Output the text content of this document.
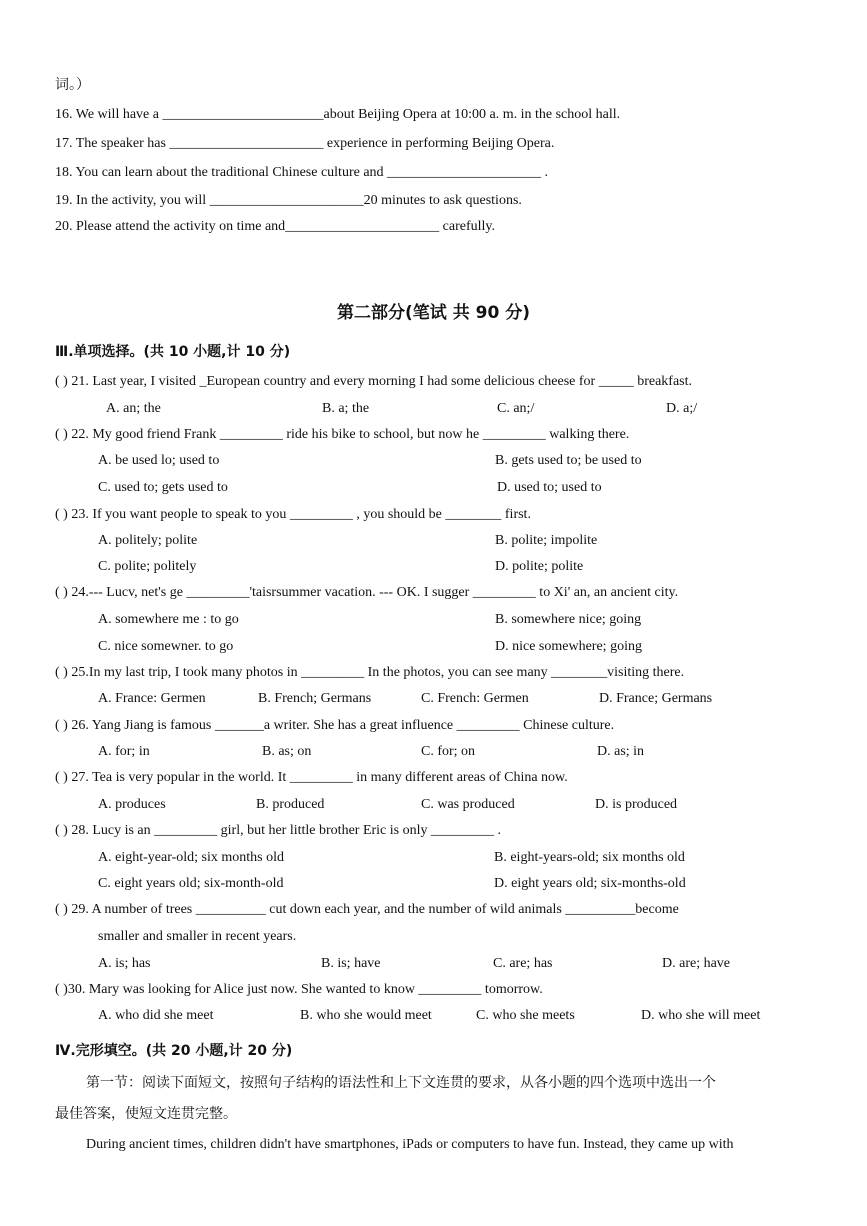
词。）
16. We will have a _______________________about Beijing Opera at 10:00 a. m. in the school hall.
17. The speaker has ______________________ experience in performing Beijing Opera.
18. You can learn about the traditional Chinese culture and ______________________ .
19. In the activity, you will ______________________20 minutes to ask questions.
20. Please attend the activity on time and______________________ carefully.
第二部分(笔试 共 90 分)
Ⅲ.单项选择。(共 10 小题,计 10 分)
( ) 21. Last year, I visited _European country and every morning I had some delicious cheese for _____ breakfast.
A. an; the	B. a; the	C. an;/	D. a;/
( ) 22. My good friend Frank _________ ride his bike to school, but now he _________ walking there.
A. be used lo; used to	B. gets used to; be used to
C. used to; gets used to	D. used to; used to
( ) 23. If you want people to speak to you _________ , you should be ________ first.
A. politely; polite	B. polite; impolite
C. polite; politely	D. polite; polite
( ) 24.--- Lucv, net's ge _________'taisrsummer vacation. --- OK. I sugger _________ to Xi' an, an ancient city.
A. somewhere me : to go	B. somewhere nice; going
C. nice somewner. to go	D. nice somewhere; going
( ) 25.In my last trip, I took many photos in _________ In the photos, you can see many ________visiting there.
A. France: Germen	B. French; Germans	C. French: Germen	D. France; Germans
( ) 26. Yang Jiang is famous _______a writer. She has a great influence _________ Chinese culture.
A. for; in	B. as; on	C. for; on	D. as; in
( ) 27. Tea is very popular in the world. It _________ in many different areas of China now.
A. produces	B. produced	C. was produced	D. is produced
( ) 28. Lucy is an _________ girl, but her little brother Eric is only _________ .
A. eight-year-old; six months old	B. eight-years-old; six months old
C. eight years old; six-month-old	D. eight years old; six-months-old
( ) 29. A number of trees __________ cut down each year, and the number of wild animals __________become
smaller and smaller in recent years.
A. is; has	B. is; have	C. are; has	D. are; have
( )30. Mary was looking for Alice just now. She wanted to know _________ tomorrow.
A. who did she meet	B. who she would meet	C. who she meets	D. who she will meet
Ⅳ.完形填空。(共 20 小题,计 20 分)
第一节：阅读下面短文，按照句子结构的语法性和上下文连贯的要求，从各小题的四个选项中选出一个
最佳答案，使短文连贯完整。
During ancient times, children didn't have smartphones, iPads or computers to have fun. Instead, they came up with
